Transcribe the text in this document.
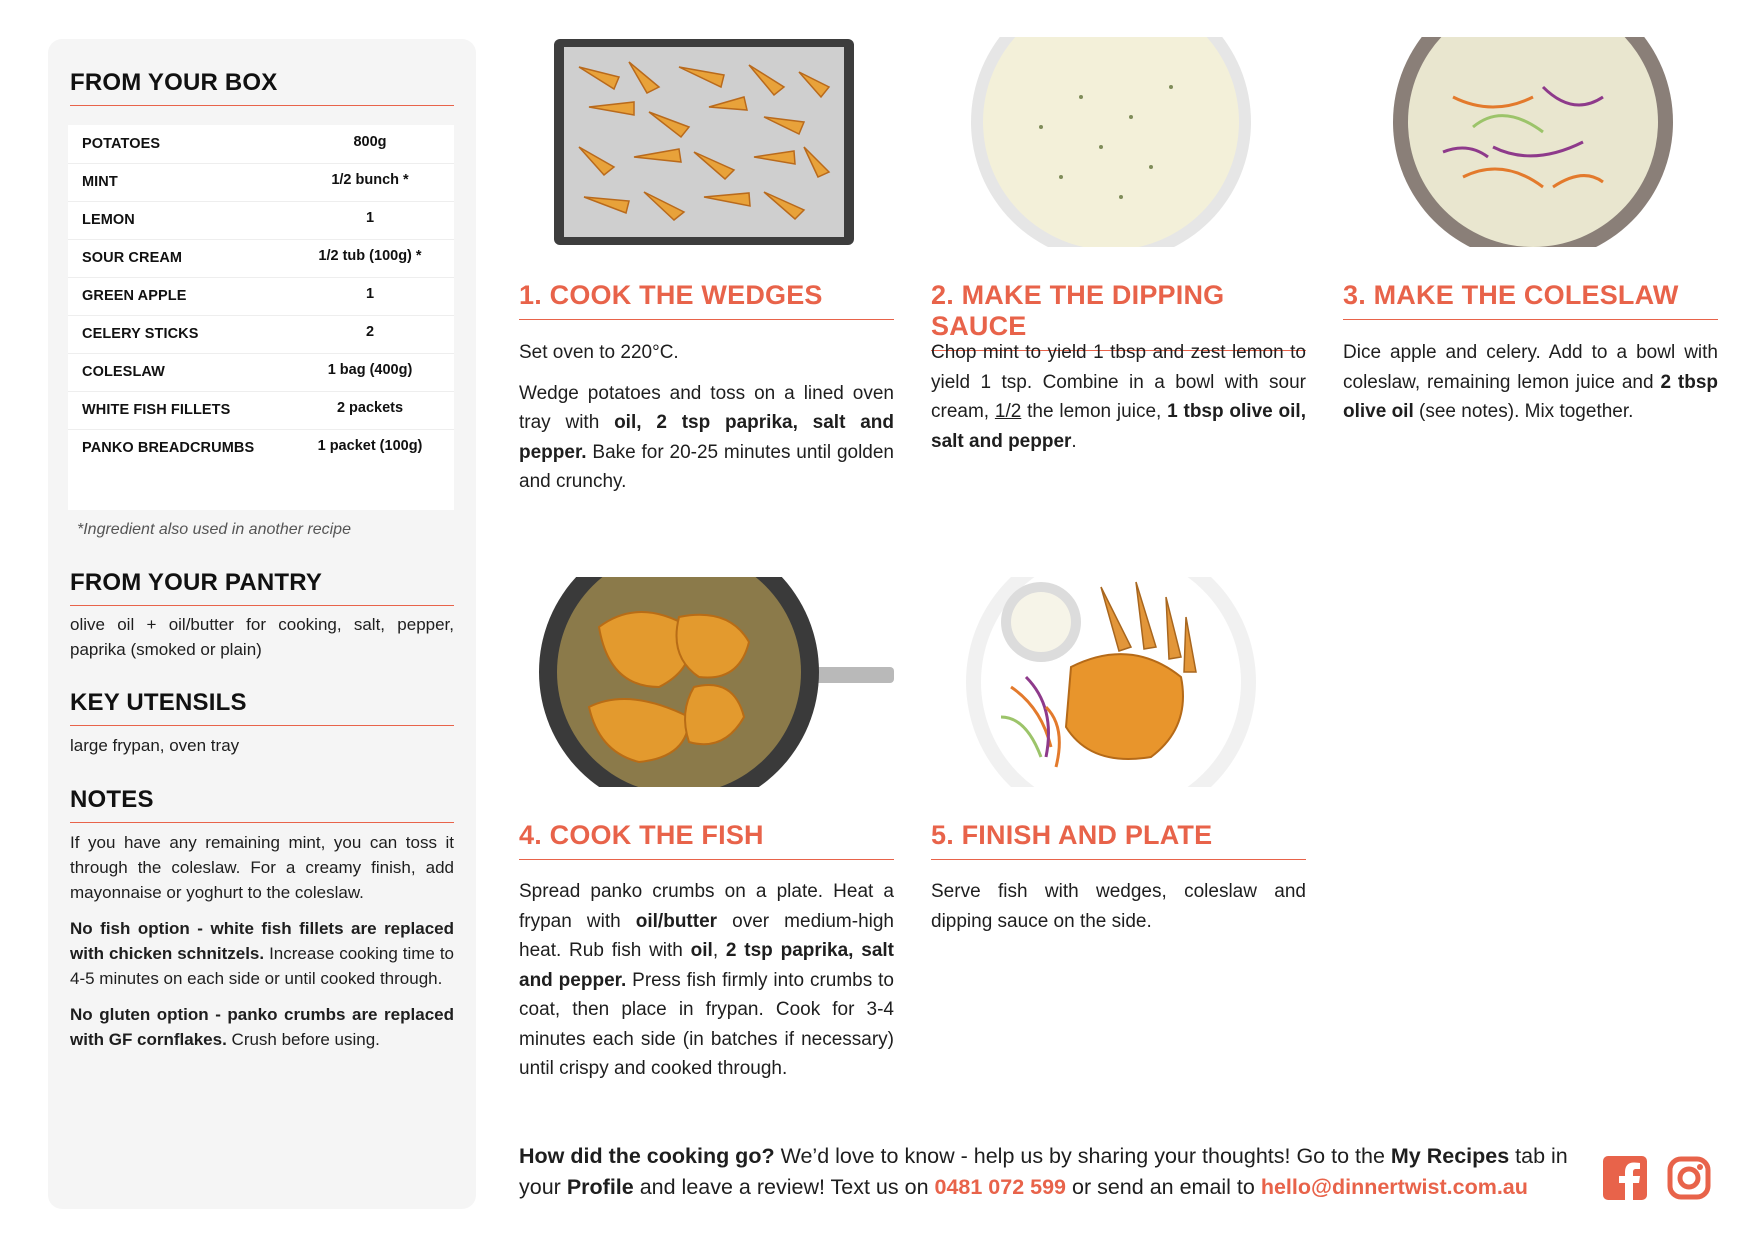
FROM YOUR BOX
POTATOES	800g
MINT	1/2 bunch *
LEMON	1
SOUR CREAM	1/2 tub (100g) *
GREEN APPLE	1
CELERY STICKS	2
COLESLAW	1 bag (400g)
WHITE FISH FILLETS	2 packets
PANKO BREADCRUMBS	1 packet (100g)
*Ingredient also used in another recipe
FROM YOUR PANTRY
olive oil + oil/butter for cooking, salt, pepper, paprika (smoked or plain)
KEY UTENSILS
large frypan, oven tray
NOTES

If you have any remaining mint, you can toss it through the coleslaw. For a creamy finish, add mayonnaise or yoghurt to the coleslaw.

No fish option - white fish fillets are replaced with chicken schnitzels. Increase cooking time to 4-5 minutes on each side or until cooked through.

No gluten option - panko crumbs are replaced with GF cornflakes. Crush before using.

1. COOK THE WEDGES

Set oven to 220°C.

Wedge potatoes and toss on a lined oven tray with oil, 2 tsp paprika, salt and pepper. Bake for 20-25 minutes until golden and crunchy.

2. MAKE THE DIPPING SAUCE

Chop mint to yield 1 tbsp and zest lemon to yield 1 tsp. Combine in a bowl with sour cream, 1/2 the lemon juice, 1 tbsp olive oil, salt and pepper.

3. MAKE THE COLESLAW

Dice apple and celery. Add to a bowl with coleslaw, remaining lemon juice and 2 tbsp olive oil (see notes). Mix together.

4. COOK THE FISH

Spread panko crumbs on a plate. Heat a frypan with oil/butter over medium-high heat. Rub fish with oil, 2 tsp paprika, salt and pepper. Press fish firmly into crumbs to coat, then place in frypan. Cook for 3-4 minutes each side (in batches if necessary) until crispy and cooked through.

5. FINISH AND PLATE

Serve fish with wedges, coleslaw and dipping sauce on the side.

How did the cooking go? We’d love to know - help us by sharing your thoughts! Go to the My Recipes tab in your Profile and leave a review! Text us on 0481 072 599 or send an email to hello@dinnertwist.com.au
